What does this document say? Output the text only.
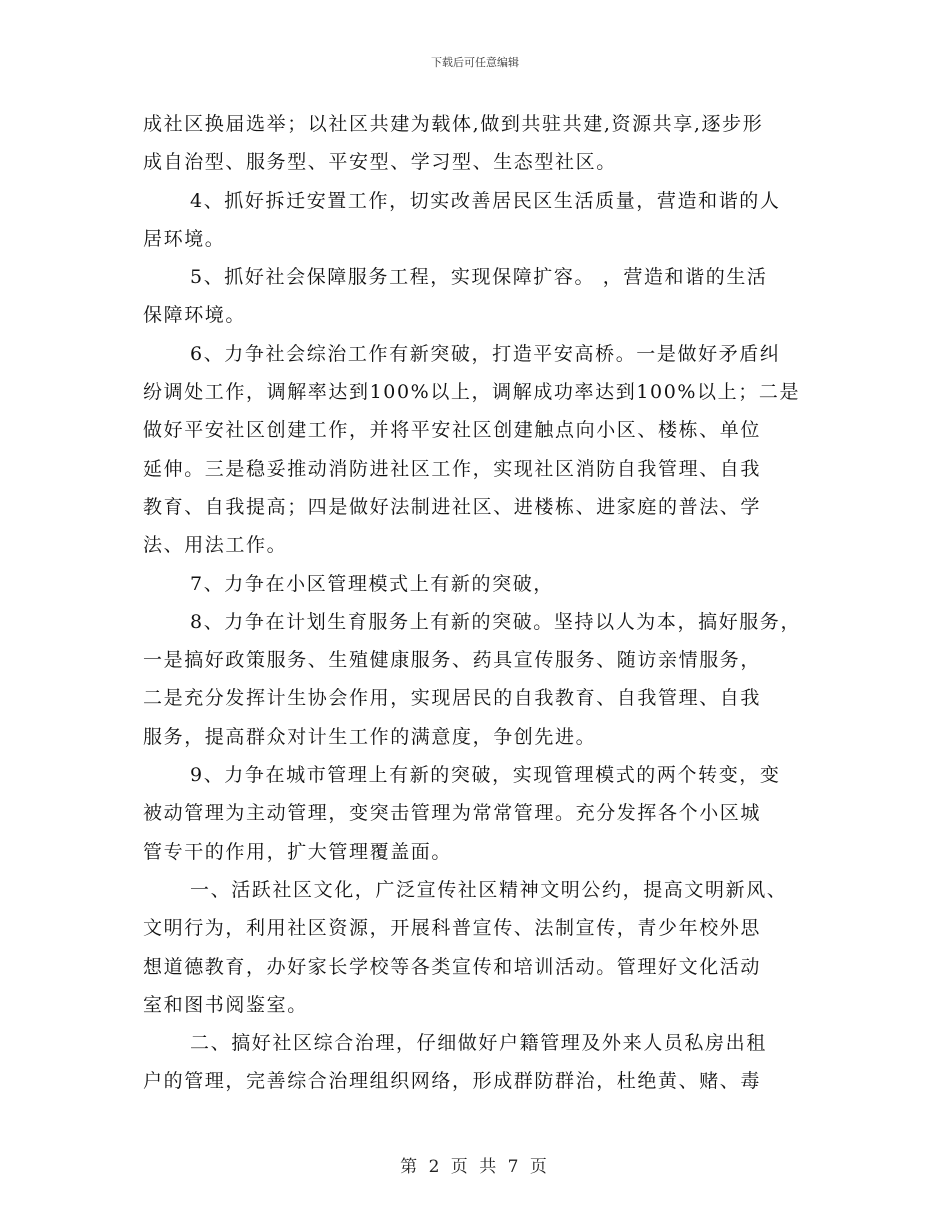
下载后可任意编辑
成社区换届选举；以社区共建为载体,做到共驻共建,资源共享,逐步形
成自治型、服务型、平安型、学习型、生态型社区。
4、抓好拆迁安置工作，切实改善居民区生活质量，营造和谐的人
居环境。
5、抓好社会保障服务工程，实现保障扩容。 ，营造和谐的生活
保障环境。
6、力争社会综治工作有新突破，打造平安高桥。一是做好矛盾纠
纷调处工作，调解率达到100%以上，调解成功率达到100%以上；二是
做好平安社区创建工作，并将平安社区创建触点向小区、楼栋、单位
延伸。三是稳妥推动消防进社区工作，实现社区消防自我管理、自我
教育、自我提高；四是做好法制进社区、进楼栋、进家庭的普法、学
法、用法工作。
7、力争在小区管理模式上有新的突破，
8、力争在计划生育服务上有新的突破。坚持以人为本，搞好服务，
一是搞好政策服务、生殖健康服务、药具宣传服务、随访亲情服务，
二是充分发挥计生协会作用，实现居民的自我教育、自我管理、自我
服务，提高群众对计生工作的满意度，争创先进。
9、力争在城市管理上有新的突破，实现管理模式的两个转变，变
被动管理为主动管理，变突击管理为常常管理。充分发挥各个小区城
管专干的作用，扩大管理覆盖面。
一、活跃社区文化，广泛宣传社区精神文明公约，提高文明新风、
文明行为，利用社区资源，开展科普宣传、法制宣传，青少年校外思
想道德教育，办好家长学校等各类宣传和培训活动。管理好文化活动
室和图书阅鉴室。
二、搞好社区综合治理，仔细做好户籍管理及外来人员私房出租
户的管理，完善综合治理组织网络，形成群防群治，杜绝黄、赌、毒
第 2 页 共 7 页
